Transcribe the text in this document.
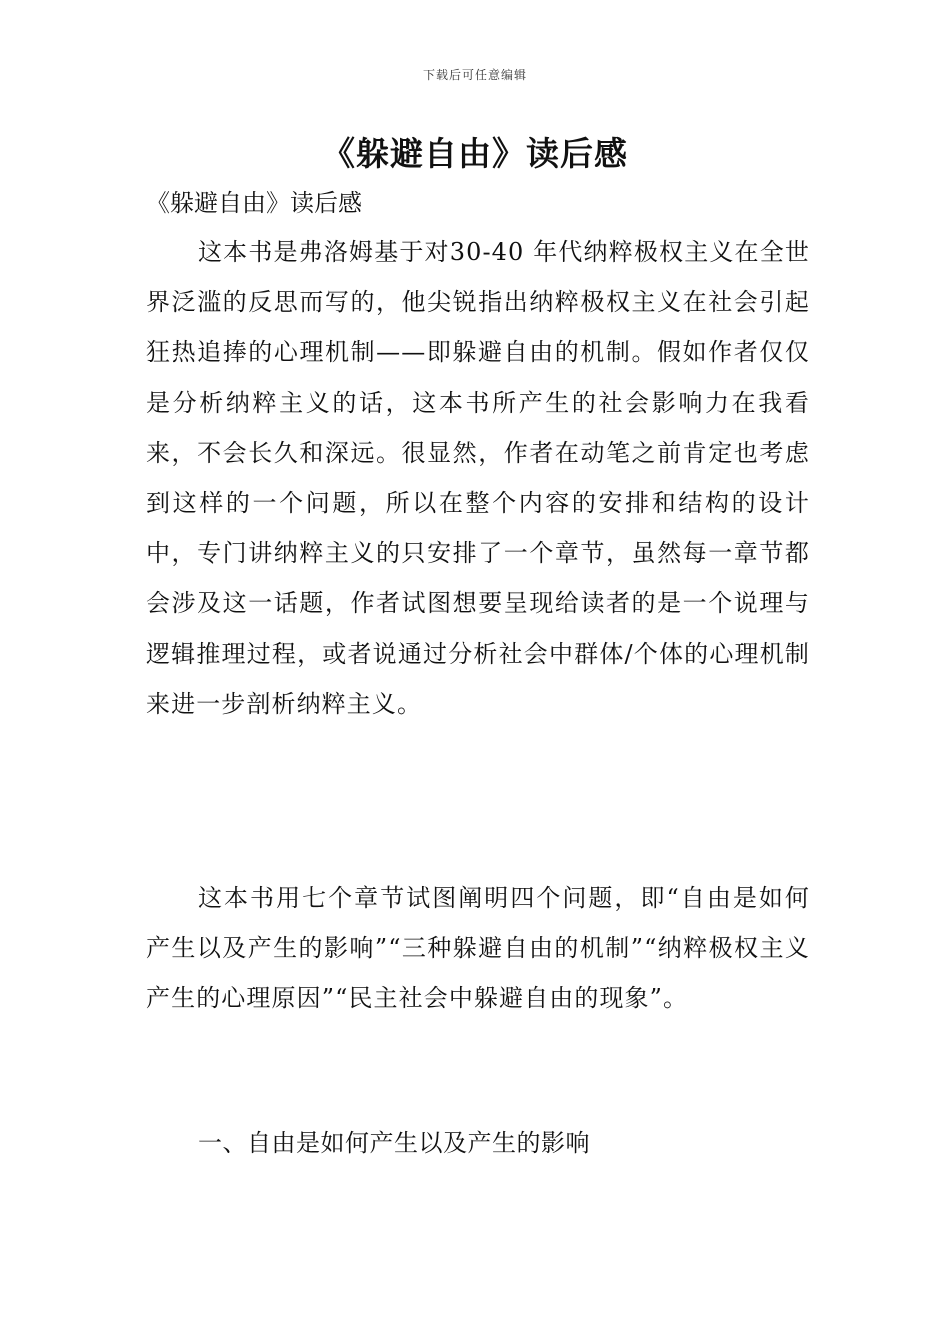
下载后可任意编辑
《躲避自由》读后感

《躲避自由》读后感

这本书是弗洛姆基于对30-40 年代纳粹极权主义在全世界泛滥的反思而写的，他尖锐指出纳粹极权主义在社会引起狂热追捧的心理机制——即躲避自由的机制。假如作者仅仅是分析纳粹主义的话，这本书所产生的社会影响力在我看来，不会长久和深远。很显然，作者在动笔之前肯定也考虑到这样的一个问题，所以在整个内容的安排和结构的设计中，专门讲纳粹主义的只安排了一个章节，虽然每一章节都会涉及这一话题，作者试图想要呈现给读者的是一个说理与逻辑推理过程，或者说通过分析社会中群体/个体的心理机制来进一步剖析纳粹主义。

这本书用七个章节试图阐明四个问题，即“自由是如何产生以及产生的影响”“三种躲避自由的机制”“纳粹极权主义产生的心理原因”“民主社会中躲避自由的现象”。

一、自由是如何产生以及产生的影响
